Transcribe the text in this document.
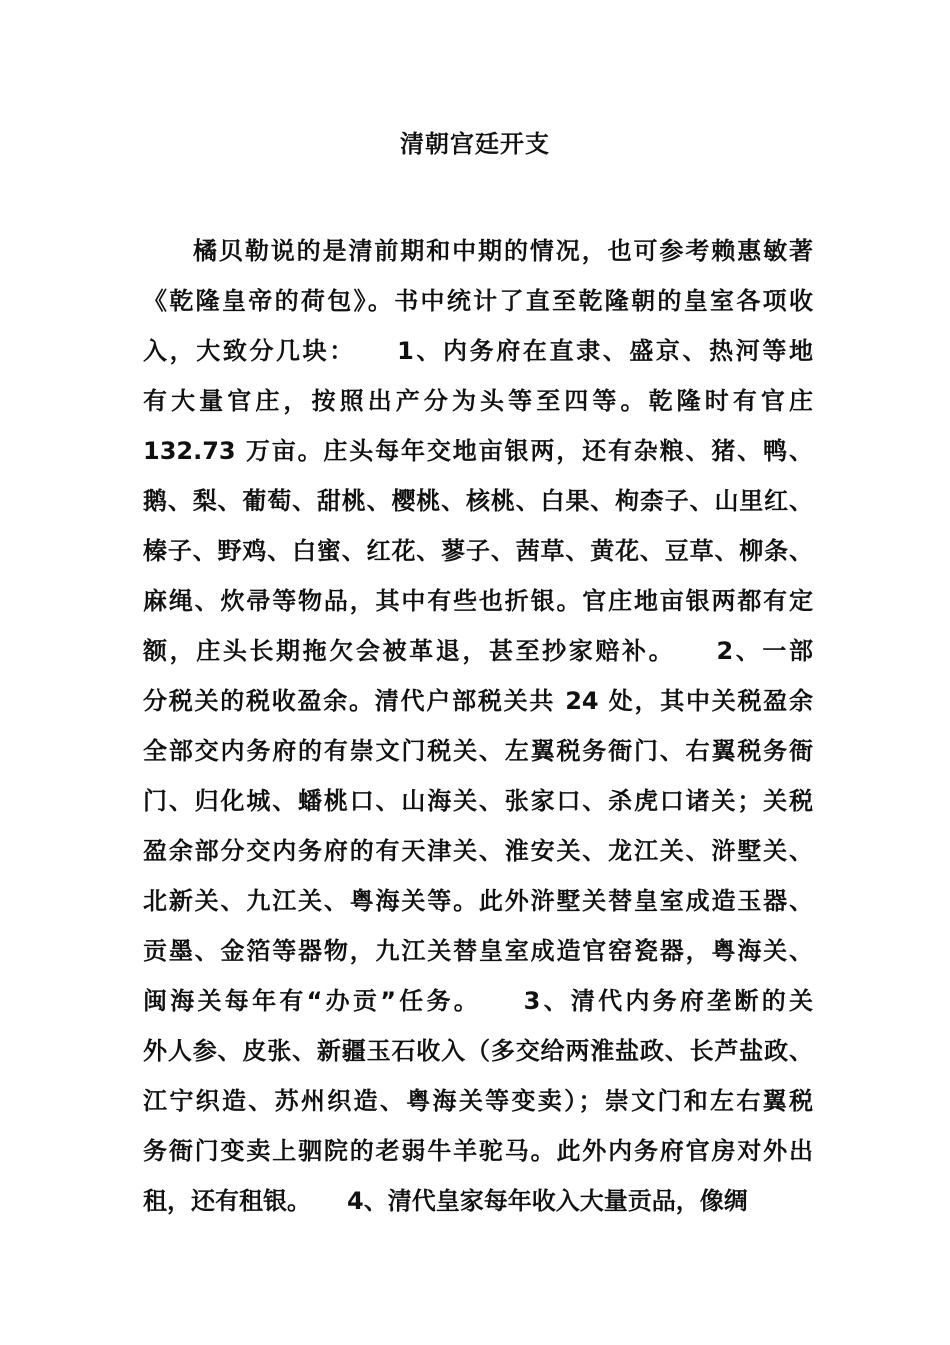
清朝宫廷开支
橘贝勒说的是清前期和中期的情况，也可参考赖惠敏著
《乾隆皇帝的荷包》。书中统计了直至乾隆朝的皇室各项收
入，大致分几块：　　1、内务府在直隶、盛京、热河等地
有大量官庄，按照出产分为头等至四等。乾隆时有官庄
132.73 万亩。庄头每年交地亩银两，还有杂粮、猪、鸭、
鹅、梨、葡萄、甜桃、樱桃、核桃、白果、枸柰子、山里红、
榛子、野鸡、白蜜、红花、蓼子、茜草、黄花、豆草、柳条、
麻绳、炊帚等物品，其中有些也折银。官庄地亩银两都有定
额，庄头长期拖欠会被革退，甚至抄家赔补。　　2、一部
分税关的税收盈余。清代户部税关共 24 处，其中关税盈余
全部交内务府的有崇文门税关、左翼税务衙门、右翼税务衙
门、归化城、蟠桃口、山海关、张家口、杀虎口诸关；关税
盈余部分交内务府的有天津关、淮安关、龙江关、浒墅关、
北新关、九江关、粤海关等。此外浒墅关替皇室成造玉器、
贡墨、金箔等器物，九江关替皇室成造官窑瓷器，粤海关、
闽海关每年有“办贡”任务。　　3、清代内务府垄断的关
外人参、皮张、新疆玉石收入（多交给两淮盐政、长芦盐政、
江宁织造、苏州织造、粤海关等变卖）；崇文门和左右翼税
务衙门变卖上驷院的老弱牛羊驼马。此外内务府官房对外出
租，还有租银。　　4、清代皇家每年收入大量贡品，像绸
